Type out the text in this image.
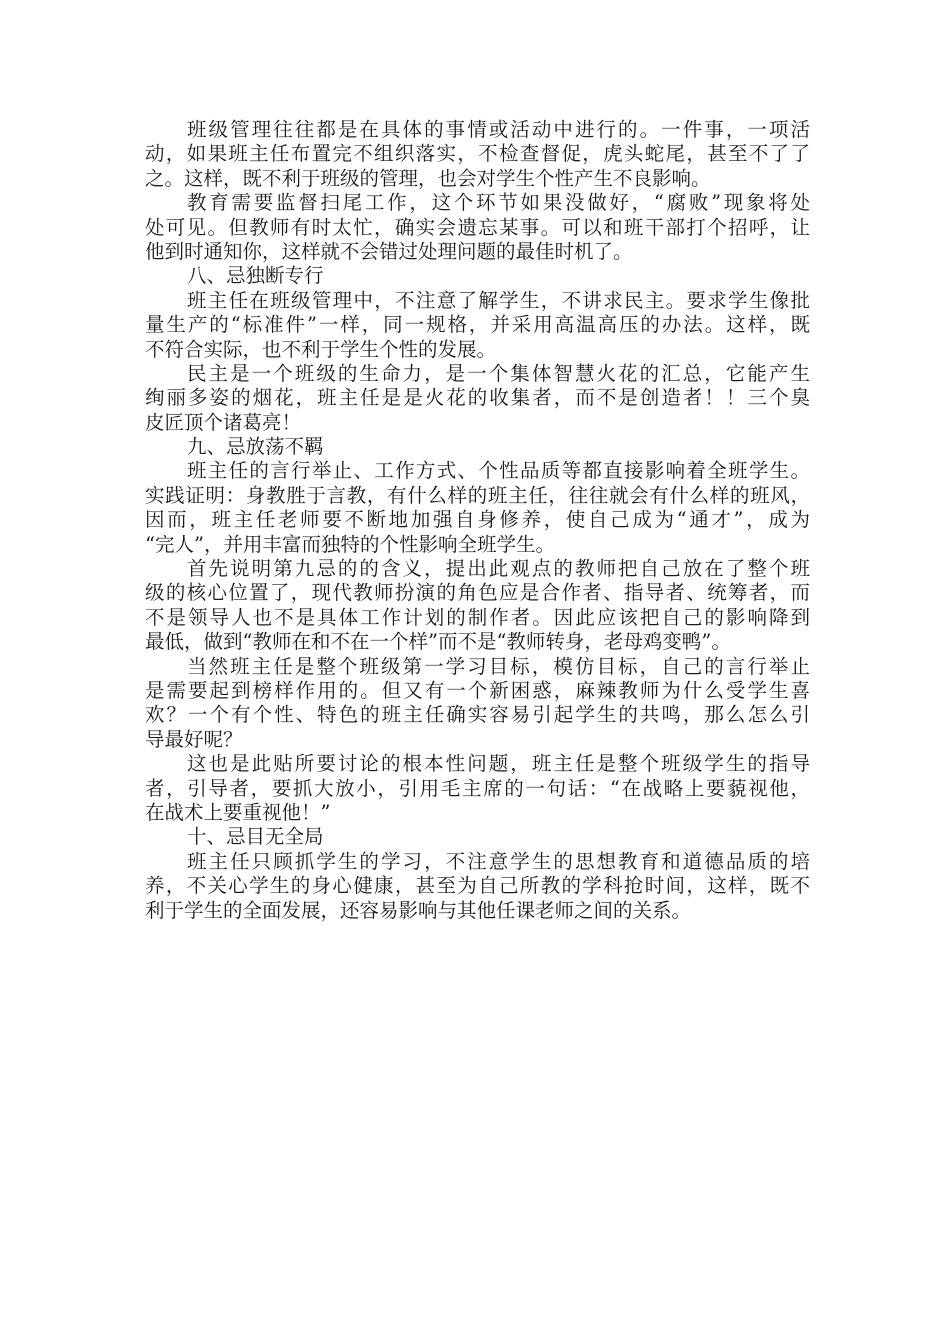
班级管理往往都是在具体的事情或活动中进行的。一件事，一项活
动，如果班主任布置完不组织落实，不检查督促，虎头蛇尾，甚至不了了
之。这样，既不利于班级的管理，也会对学生个性产生不良影响。
教育需要监督扫尾工作，这个环节如果没做好，“腐败”现象将处
处可见。但教师有时太忙，确实会遗忘某事。可以和班干部打个招呼，让
他到时通知你，这样就不会错过处理问题的最佳时机了。
八、忌独断专行
班主任在班级管理中，不注意了解学生，不讲求民主。要求学生像批
量生产的“标准件”一样，同一规格，并采用高温高压的办法。这样，既
不符合实际，也不利于学生个性的发展。
民主是一个班级的生命力，是一个集体智慧火花的汇总，它能产生
绚丽多姿的烟花，班主任是是火花的收集者，而不是创造者！！三个臭
皮匠顶个诸葛亮！
九、忌放荡不羁
班主任的言行举止、工作方式、个性品质等都直接影响着全班学生。
实践证明：身教胜于言教，有什么样的班主任，往往就会有什么样的班风，
因而，班主任老师要不断地加强自身修养，使自己成为“通才”，成为
“完人”，并用丰富而独特的个性影响全班学生。
首先说明第九忌的的含义，提出此观点的教师把自己放在了整个班
级的核心位置了，现代教师扮演的角色应是合作者、指导者、统筹者，而
不是领导人也不是具体工作计划的制作者。因此应该把自己的影响降到
最低，做到“教师在和不在一个样”而不是“教师转身，老母鸡变鸭”。
当然班主任是整个班级第一学习目标，模仿目标，自己的言行举止
是需要起到榜样作用的。但又有一个新困惑，麻辣教师为什么受学生喜
欢？一个有个性、特色的班主任确实容易引起学生的共鸣，那么怎么引
导最好呢？
这也是此贴所要讨论的根本性问题，班主任是整个班级学生的指导
者，引导者，要抓大放小，引用毛主席的一句话：“在战略上要藐视他，
在战术上要重视他！”
十、忌目无全局
班主任只顾抓学生的学习，不注意学生的思想教育和道德品质的培
养，不关心学生的身心健康，甚至为自己所教的学科抢时间，这样，既不
利于学生的全面发展，还容易影响与其他任课老师之间的关系。
